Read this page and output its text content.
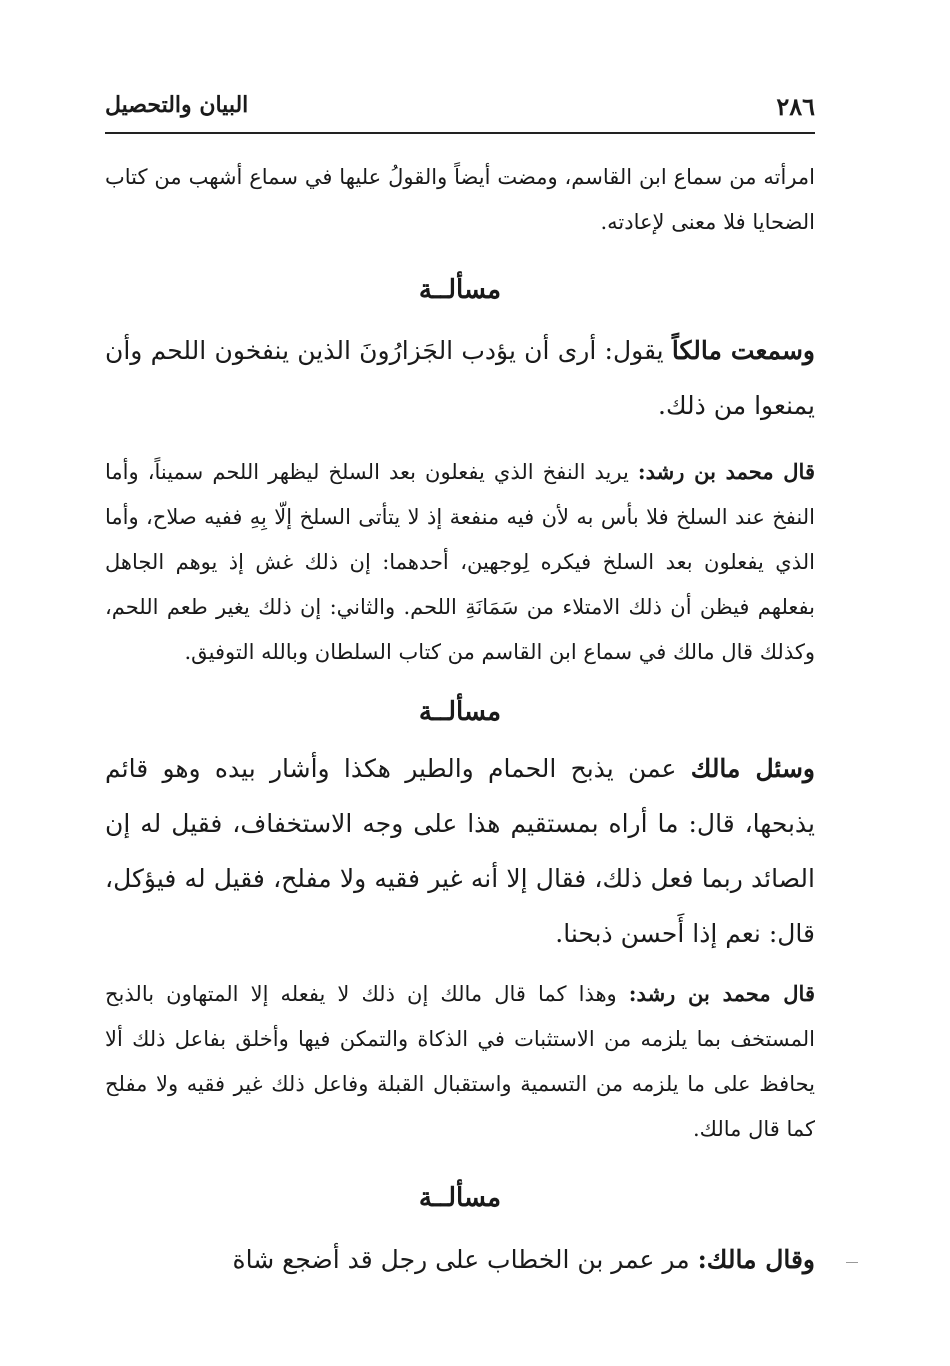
٢٨٦
البيان والتحصيل

امرأته من سماع ابن القاسم، ومضت أيضاً والقولُ عليها في سماع أشهب من كتاب الضحايا فلا معنى لإعادته.

مسألــة

وسمعت مالكاً يقول: أرى أن يؤدب الجَزارُونَ الذين ينفخون اللحم وأن يمنعوا من ذلك.

قال محمد بن رشد: يريد النفخ الذي يفعلون بعد السلخ ليظهر اللحم سميناً، وأما النفخ عند السلخ فلا بأس به لأن فيه منفعة إذ لا يتأتى السلخ إلّا بِهِ ففيه صلاح، وأما الذي يفعلون بعد السلخ فيكره لِوجهين، أحدهما: إن ذلك غش إذ يوهم الجاهل بفعلهم فيظن أن ذلك الامتلاء من سَمَانَةِ اللحم. والثاني: إن ذلك يغير طعم اللحم، وكذلك قال مالك في سماع ابن القاسم من كتاب السلطان وبالله التوفيق.

مسألــة

وسئل مالك عمن يذبح الحمام والطير هكذا وأشار بيده وهو قائم يذبحها، قال: ما أراه بمستقيم هذا على وجه الاستخفاف، فقيل له إن الصائد ربما فعل ذلك، فقال إلا أنه غير فقيه ولا مفلح، فقيل له فيؤكل، قال: نعم إذا أَحسن ذبحنا.

قال محمد بن رشد: وهذا كما قال مالك إن ذلك لا يفعله إلا المتهاون بالذبح المستخف بما يلزمه من الاستثبات في الذكاة والتمكن فيها وأخلق بفاعل ذلك ألا يحافظ على ما يلزمه من التسمية واستقبال القبلة وفاعل ذلك غير فقيه ولا مفلح كما قال مالك.

مسألــة

وقال مالك: مر عمر بن الخطاب على رجل قد أضجع شاة
